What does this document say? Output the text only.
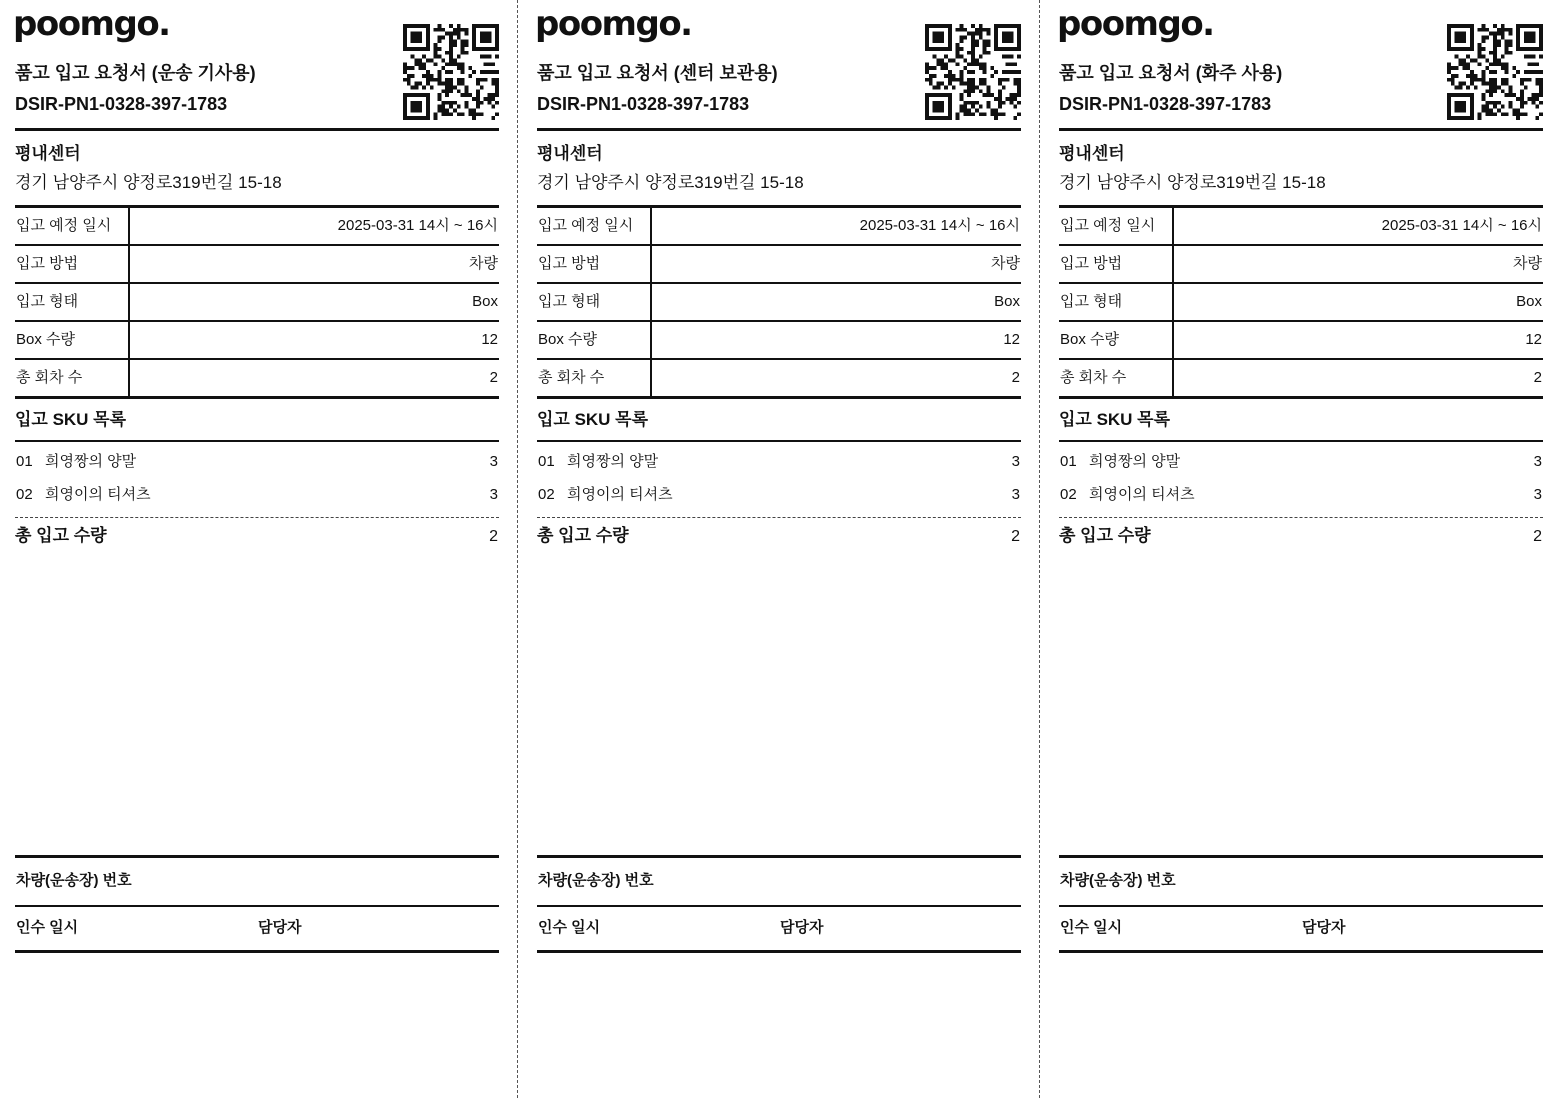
poomgo.
품고 입고 요청서 (운송 기사용)
DSIR-PN1-0328-397-1783
평내센터
경기 남양주시 양정로319번길 15-18
입고 예정 일시	2025-03-31 14시 ~ 16시
입고 방법	차량
입고 형태	Box
Box 수량	12
총 회차 수	2
입고 SKU 목록
01 희영짱의 양말	3
02 희영이의 티셔츠	3
총 입고 수량	2
차량(운송장) 번호
인수 일시	담당자
poomgo.
품고 입고 요청서 (센터 보관용)
DSIR-PN1-0328-397-1783
평내센터
경기 남양주시 양정로319번길 15-18
입고 예정 일시	2025-03-31 14시 ~ 16시
입고 방법	차량
입고 형태	Box
Box 수량	12
총 회차 수	2
입고 SKU 목록
01 희영짱의 양말	3
02 희영이의 티셔츠	3
총 입고 수량	2
차량(운송장) 번호
인수 일시	담당자
poomgo.
품고 입고 요청서 (화주 사용)
DSIR-PN1-0328-397-1783
평내센터
경기 남양주시 양정로319번길 15-18
입고 예정 일시	2025-03-31 14시 ~ 16시
입고 방법	차량
입고 형태	Box
Box 수량	12
총 회차 수	2
입고 SKU 목록
01 희영짱의 양말	3
02 희영이의 티셔츠	3
총 입고 수량	2
차량(운송장) 번호
인수 일시	담당자
